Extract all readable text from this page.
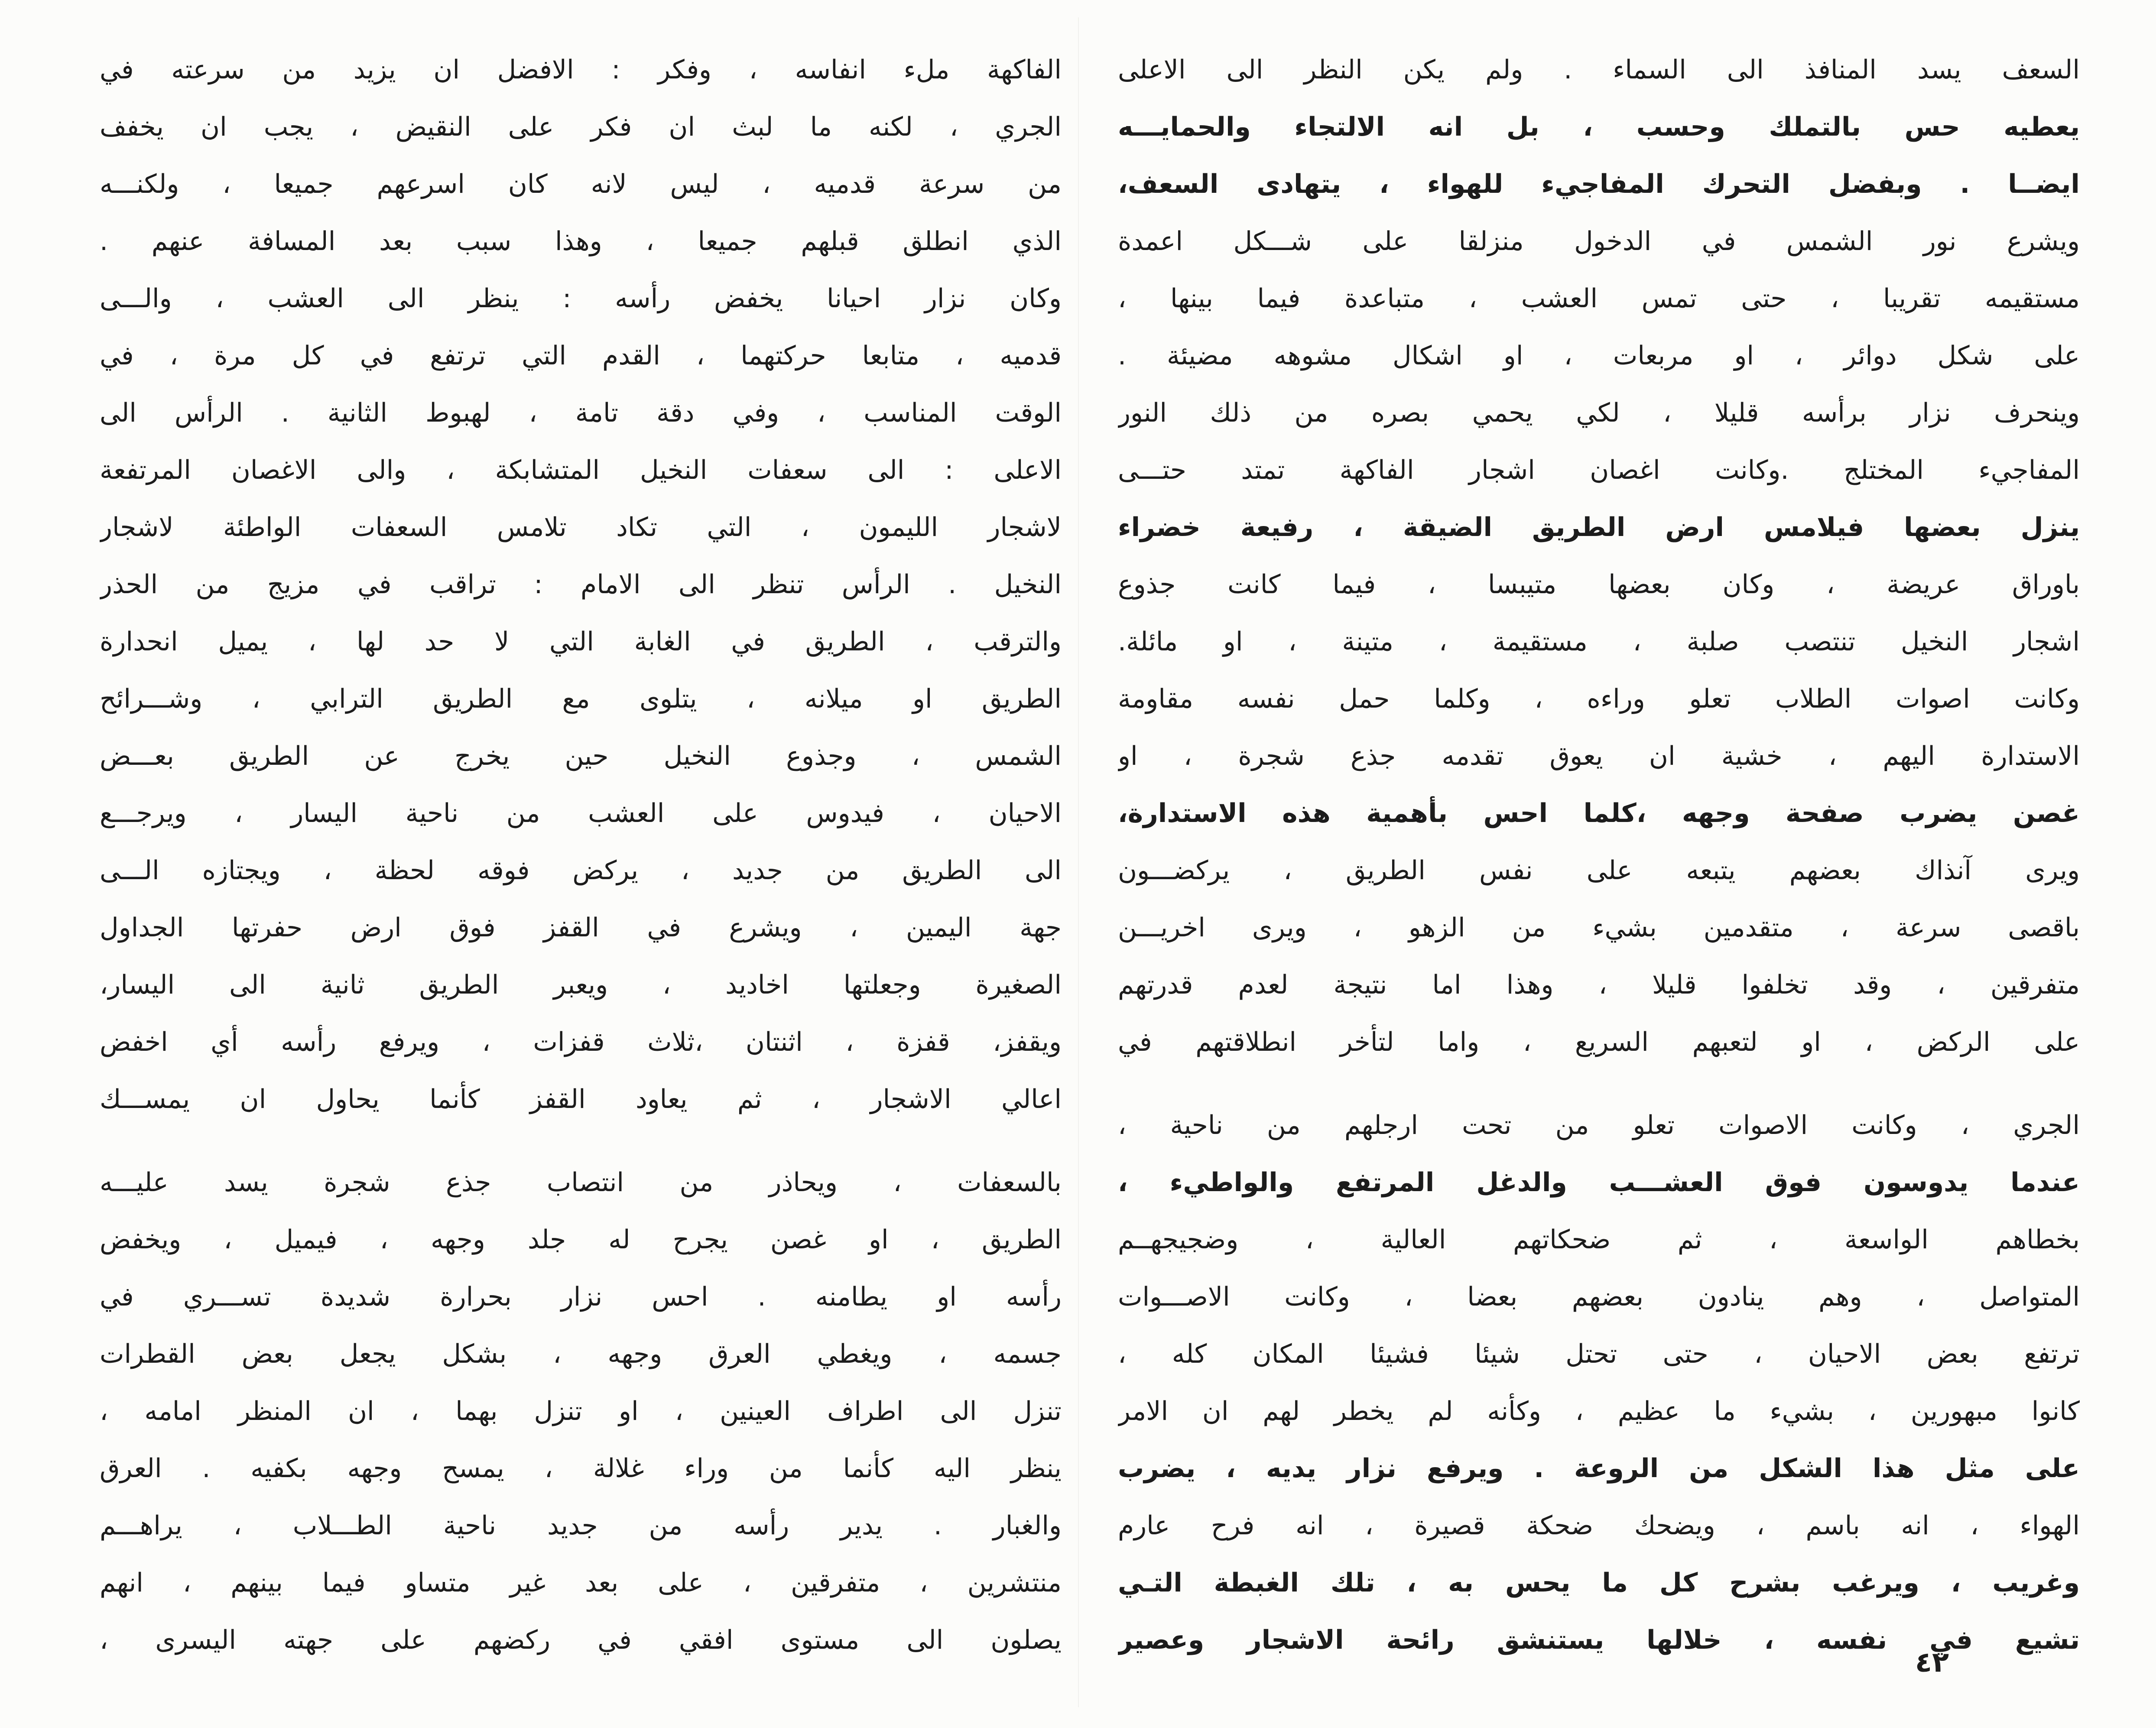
السعف يسد المنافذ الى السماء . ولم يكن النظر الى الاعلى
يعطيه حس بالتملك وحسب ، بل انه الالتجاء والحمايـــه
ايضــا . وبفضل التحرك المفاجيء للهواء ، يتهادى السعف،
ويشرع نور الشمس في الدخول منزلقا على شـــكل اعمدة
مستقيمه تقريبا ، حتى تمس العشب ، متباعدة فيما بينها ،
على شكل دوائر ، او مربعات ، او اشكال مشوهه مضيئة .
وينحرف نزار برأسه قليلا ، لكي يحمي بصره من ذلك النور
المفاجيء المختلج .وكانت اغصان اشجار الفاكهة تمتد حتـــى
ينزل بعضها فيلامس ارض الطريق الضيقة ، رفيعة خضراء
باوراق عريضة ، وكان بعضها متيبسا ، فيما كانت جذوع
اشجار النخيل تنتصب صلبة ، مستقيمة ، متينة ، او مائلة.
وكانت اصوات الطلاب تعلو وراءه ، وكلما حمل نفسه مقاومة
الاستدارة اليهم ، خشية ان يعوق تقدمه جذع شجرة ، او
غصن يضرب صفحة وجهه ،كلما احس بأهمية هذه الاستدارة،
ويرى آنذاك بعضهم يتبعه على نفس الطريق ، يركضـــون
باقصى سرعة ، متقدمين بشيء من الزهو ، ويرى اخريـــن
متفرقين ، وقد تخلفوا قليلا ، وهذا اما نتيجة لعدم قدرتهم
على الركض ، او لتعبهم السريع ، واما لتأخر انطلاقتهم في
الجري ، وكانت الاصوات تعلو من تحت ارجلهم من ناحية ،
عندما يدوسون فوق العشـــب والدغل المرتفع والواطيء ،
بخطاهم الواسعة ، ثم ضحكاتهم العالية ، وضجيجهــم
المتواصل ، وهم ينادون بعضهم بعضا ، وكانت الاصـــوات
ترتفع بعض الاحيان ، حتى تحتل شيئا فشيئا المكان كله ،
كانوا مبهورين ، بشيء ما عظيم ، وكأنه لم يخطر لهم ان الامر
على مثل هذا الشكل من الروعة . ويرفع نزار يديه ، يضرب
الهواء ، انه باسم ، ويضحك ضحكة قصيرة ، انه فرح عارم
وغريب ، ويرغب بشرح كل ما يحس به ، تلك الغبطة التـي
تشيع في نفسه ، خلالها يستنشق رائحة الاشجار وعصير
الفاكهة ملء انفاسه ، وفكر : الافضل ان يزيد من سرعته في
الجري ، لكنه ما لبث ان فكر على النقيض ، يجب ان يخفف
من سرعة قدميه ، ليس لانه كان اسرعهم جميعا ، ولكنـــه
الذي انطلق قبلهم جميعا ، وهذا سبب بعد المسافة عنهم .
وكان نزار احيانا يخفض رأسه : ينظر الى العشب ، والـــى
قدميه ، متابعا حركتهما ، القدم التي ترتفع في كل مرة ، في
الوقت المناسب ، وفي دقة تامة ، لهبوط الثانية . الرأس الى
الاعلى : الى سعفات النخيل المتشابكة ، والى الاغصان المرتفعة
لاشجار الليمون ، التي تكاد تلامس السعفات الواطئة لاشجار
النخيل . الرأس تنظر الى الامام : تراقب في مزيج من الحذر
والترقب ، الطريق في الغابة التي لا حد لها ، يميل انحدارة
الطريق او ميلانه ، يتلوى مع الطريق الترابي ، وشـــرائح
الشمس ، وجذوع النخيل حين يخرج عن الطريق بعـــض
الاحيان ، فيدوس على العشب من ناحية اليسار ، ويرجـــع
الى الطريق من جديد ، يركض فوقه لحظة ، ويجتازه الـــى
جهة اليمين ، ويشرع في القفز فوق ارض حفرتها الجداول
الصغيرة وجعلتها اخاديد ، ويعبر الطريق ثانية الى اليسار،
ويقفز، قفزة ، اثنتان ،ثلاث قفزات ، ويرفع رأسه أي اخفض
اعالي الاشجار ، ثم يعاود القفز كأنما يحاول ان يمســـك
بالسعفات ، ويحاذر من انتصاب جذع شجرة يسد عليـــه
الطريق ، او غصن يجرح له جلد وجهه ، فيميل ، ويخفض
رأسه او يطامنه . احس نزار بحرارة شديدة تســـري في
جسمه ، ويغطي العرق وجهه ، بشكل يجعل بعض القطرات
تنزل الى اطراف العينين ، او تنزل بهما ، ان المنظر امامه ،
ينظر اليه كأنما من وراء غلالة ، يمسح وجهه بكفيه . العرق
والغبار . يدير رأسه من جديد ناحية الطـــلاب ، يراهـــم
منتشرين ، متفرقين ، على بعد غير متساو فيما بينهم ، انهم
يصلون الى مستوى افقي في ركضهم على جهته اليسرى ،
٤٢
